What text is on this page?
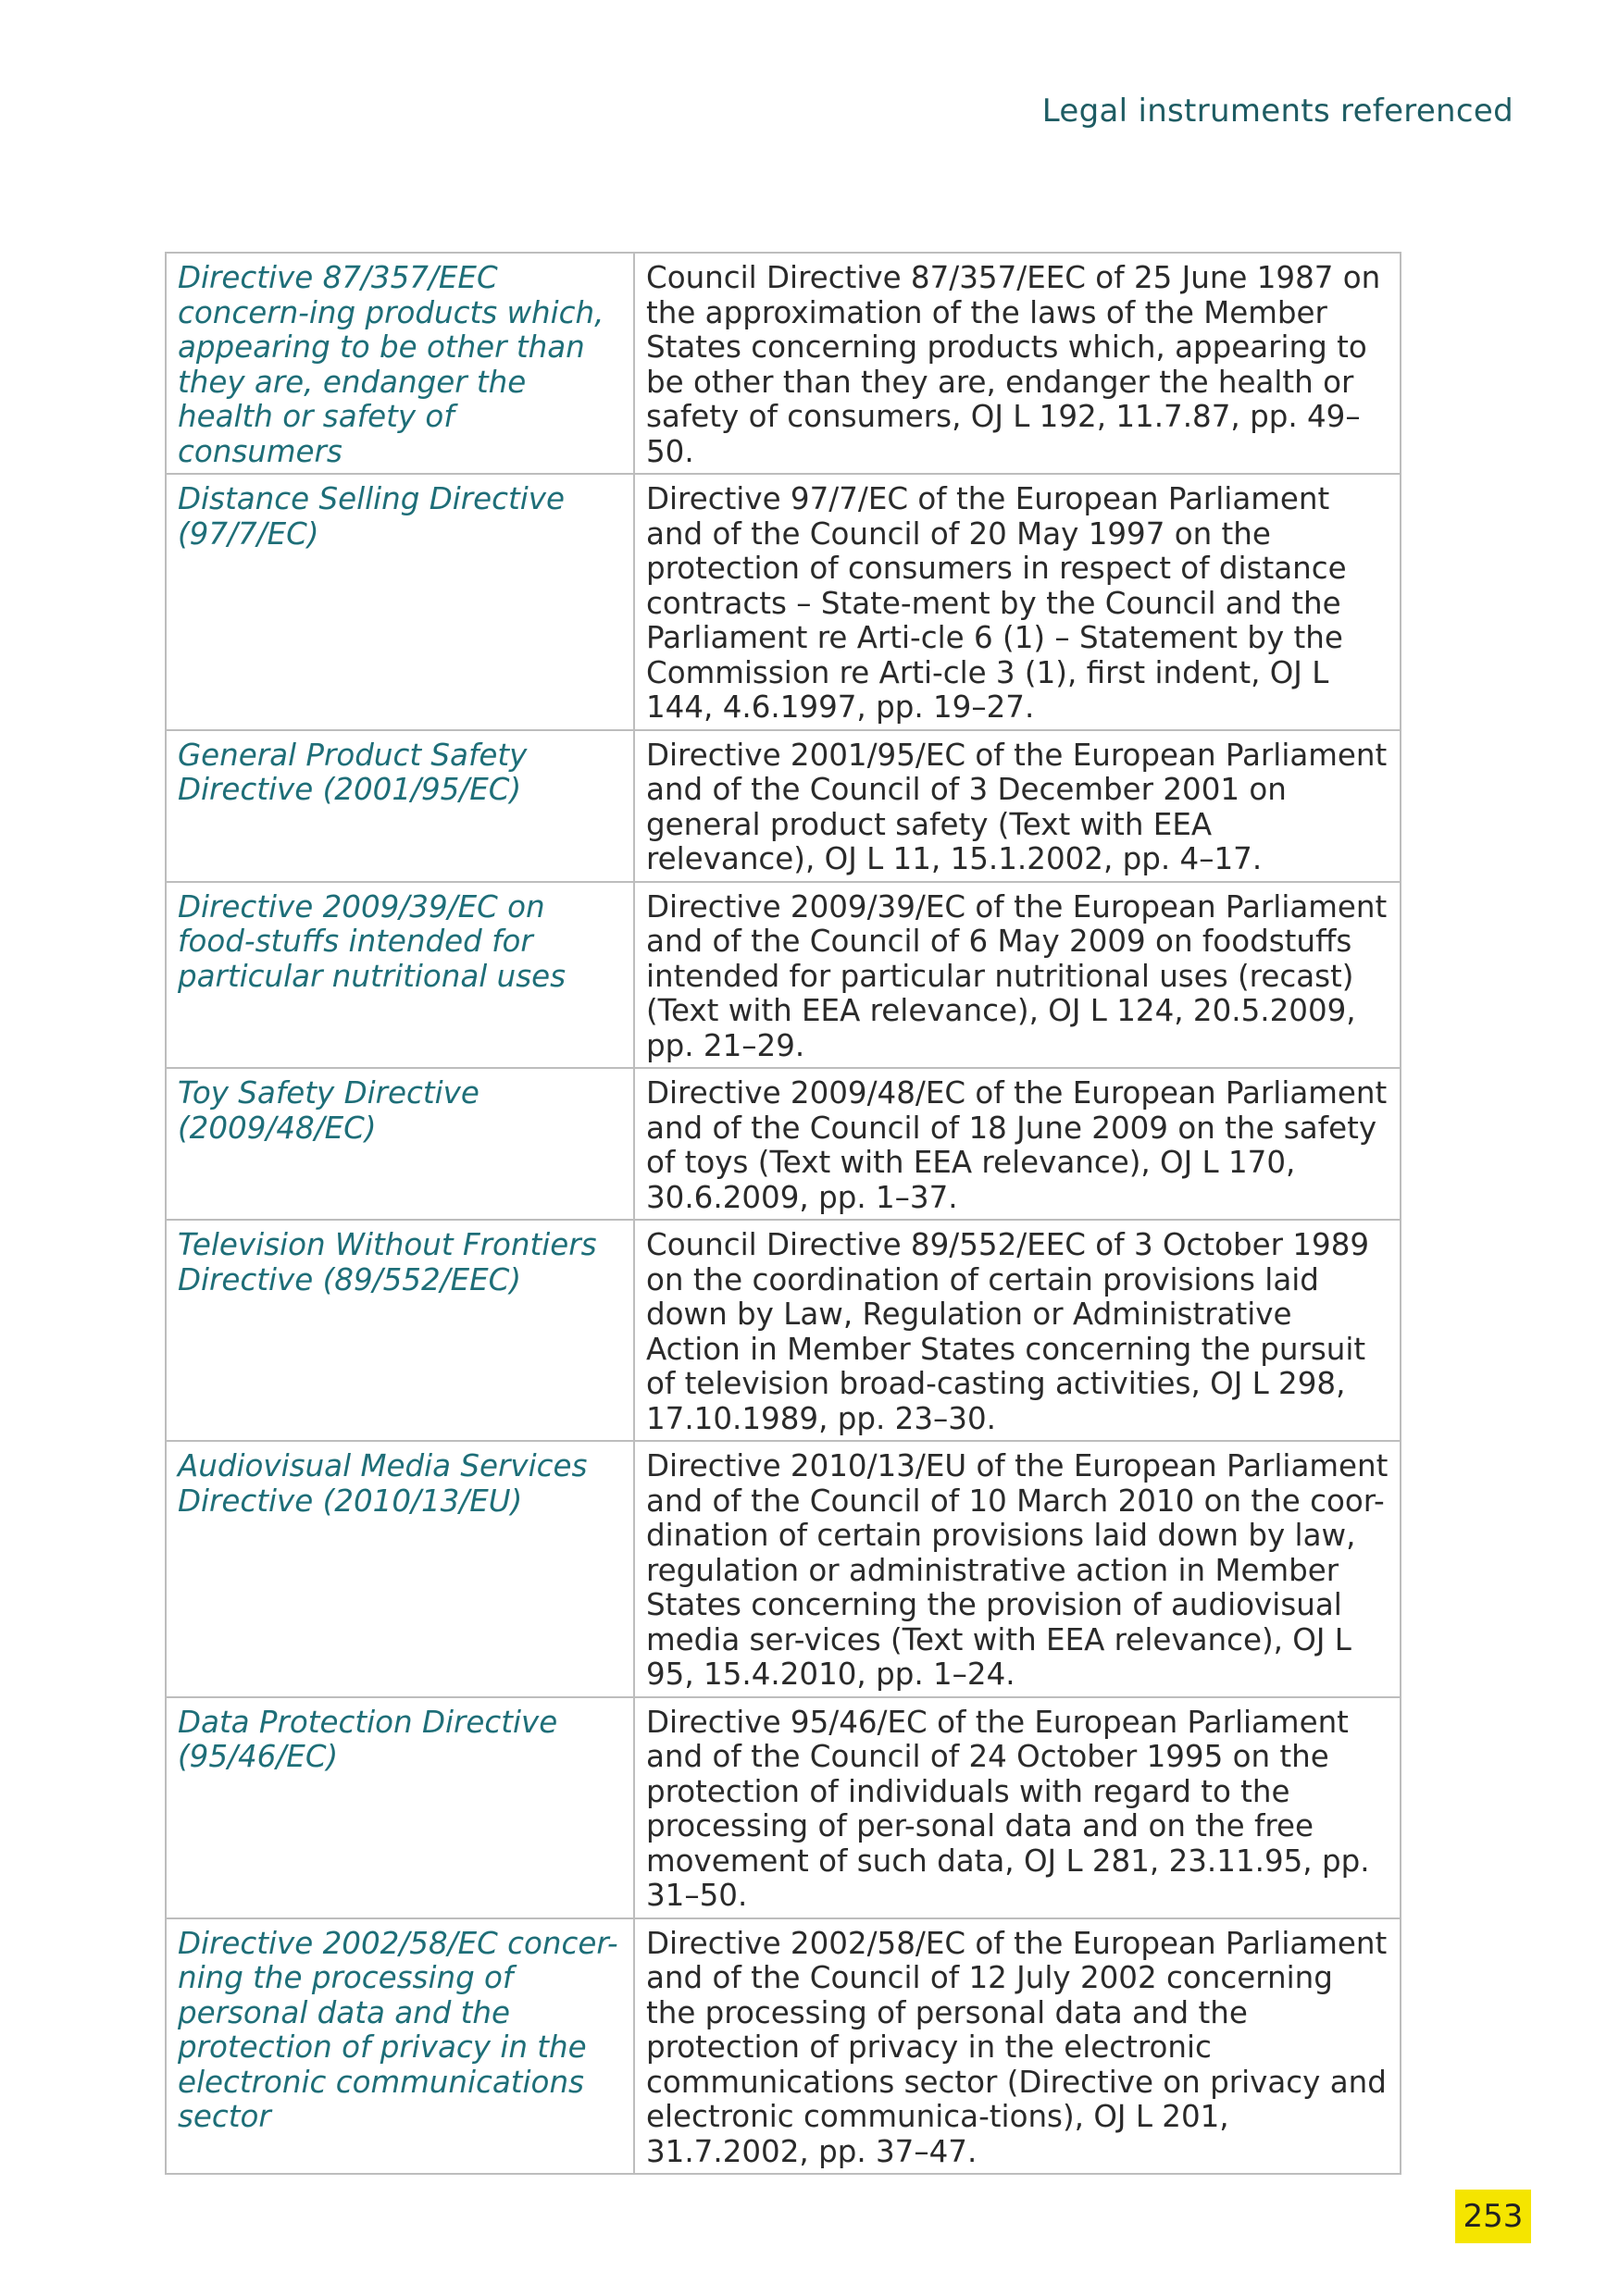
Legal instruments referenced
Directive 87/357/EEC concern-ing products which, appearing to be other than they are, endanger the health or safety of consumers	Council Directive 87/357/EEC of 25 June 1987 on the approximation of the laws of the Member States concerning products which, appearing to be other than they are, endanger the health or safety of consumers, OJ L 192, 11.7.87, pp. 49–50.
Distance Selling Directive (97/7/EC)	Directive 97/7/EC of the European Parliament and of the Council of 20 May 1997 on the protection of consumers in respect of distance contracts – State-ment by the Council and the Parliament re Arti-cle 6 (1) – Statement by the Commission re Arti-cle 3 (1), first indent, OJ L 144, 4.6.1997, pp. 19–27.
General Product Safety Directive (2001/95/EC)	Directive 2001/95/EC of the European Parliament and of the Council of 3 December 2001 on general product safety (Text with EEA relevance), OJ L 11, 15.1.2002, pp. 4–17.
Directive 2009/39/EC on food-stuffs intended for particular nutritional uses	Directive 2009/39/EC of the European Parliament and of the Council of 6 May 2009 on foodstuffs intended for particular nutritional uses (recast) (Text with EEA relevance), OJ L 124, 20.5.2009, pp. 21–29.
Toy Safety Directive (2009/48/EC)	Directive 2009/48/EC of the European Parliament and of the Council of 18 June 2009 on the safety of toys (Text with EEA relevance), OJ L 170, 30.6.2009, pp. 1–37.
Television Without Frontiers Directive (89/552/EEC)	Council Directive 89/552/EEC of 3 October 1989 on the coordination of certain provisions laid down by Law, Regulation or Administrative Action in Member States concerning the pursuit of television broad-casting activities, OJ L 298, 17.10.1989, pp. 23–30.
Audiovisual Media Services Directive (2010/13/EU)	Directive 2010/13/EU of the European Parliament and of the Council of 10 March 2010 on the coor-dination of certain provisions laid down by law, regulation or administrative action in Member States concerning the provision of audiovisual media ser-vices (Text with EEA relevance), OJ L 95, 15.4.2010, pp. 1–24.
Data Protection Directive (95/46/EC)	Directive 95/46/EC of the European Parliament and of the Council of 24 October 1995 on the protection of individuals with regard to the processing of per-sonal data and on the free movement of such data, OJ L 281, 23.11.95, pp. 31–50.
Directive 2002/58/EC concer-ning the processing of personal data and the protection of privacy in the electronic communications sector	Directive 2002/58/EC of the European Parliament and of the Council of 12 July 2002 concerning the processing of personal data and the protection of privacy in the electronic communications sector (Directive on privacy and electronic communica-tions), OJ L 201, 31.7.2002, pp. 37–47.
253
